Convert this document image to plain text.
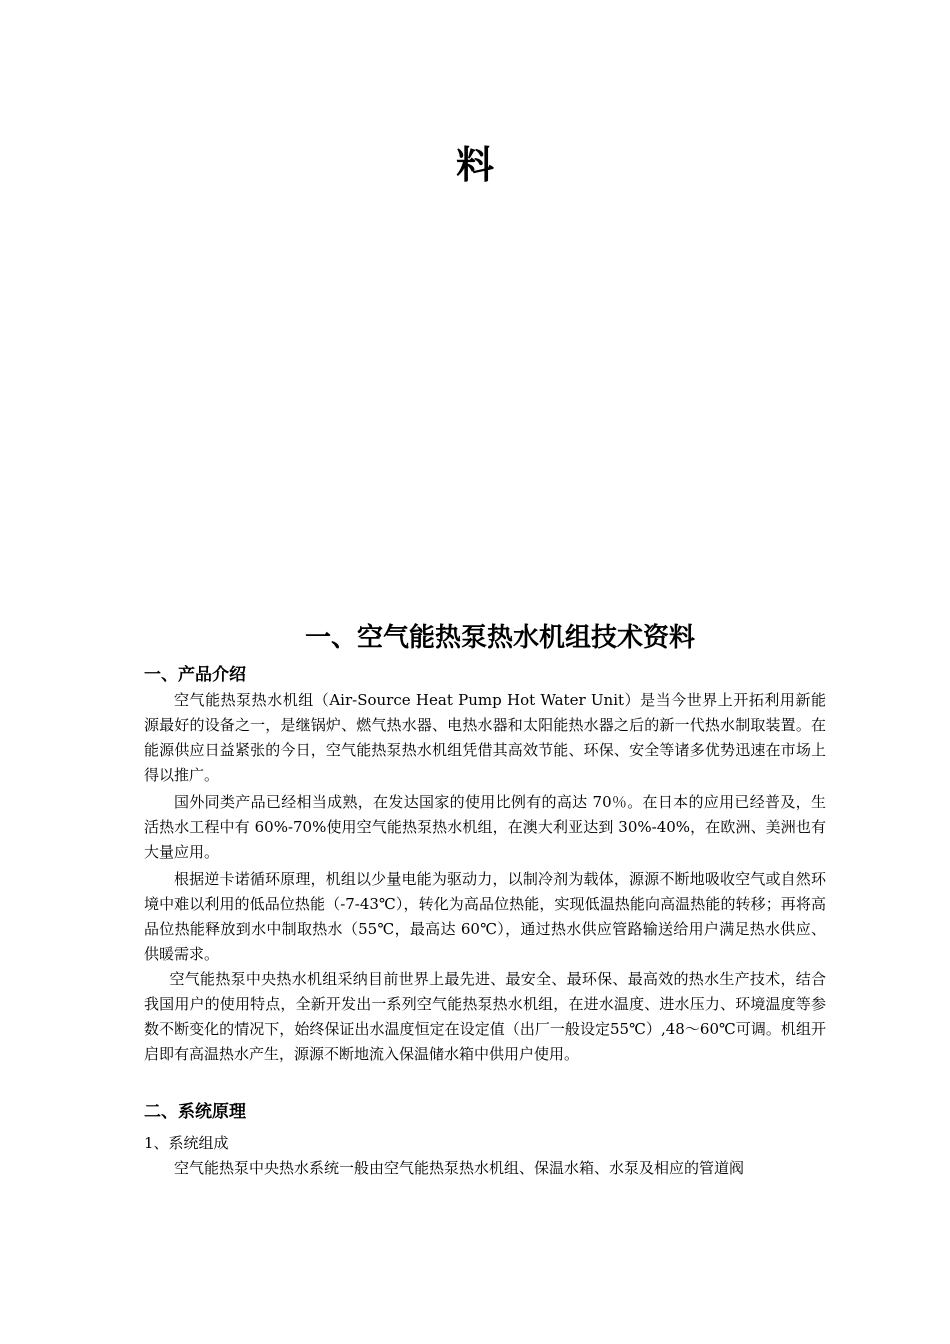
料
一、空气能热泵热水机组技术资料
一、产品介绍

空气能热泵热水机组（Air-Source Heat Pump Hot Water Unit）是当今世界上开拓利用新能源最好的设备之一，是继锅炉、燃气热水器、电热水器和太阳能热水器之后的新一代热水制取装置。在能源供应日益紧张的今日，空气能热泵热水机组凭借其高效节能、环保、安全等诸多优势迅速在市场上得以推广。

国外同类产品已经相当成熟，在发达国家的使用比例有的高达 70％。在日本的应用已经普及，生活热水工程中有 60%-70%使用空气能热泵热水机组，在澳大利亚达到 30%-40%，在欧洲、美洲也有大量应用。

根据逆卡诺循环原理，机组以少量电能为驱动力，以制冷剂为载体，源源不断地吸收空气或自然环境中难以利用的低品位热能（-7-43℃），转化为高品位热能，实现低温热能向高温热能的转移；再将高品位热能释放到水中制取热水（55℃，最高达 60℃），通过热水供应管路输送给用户满足热水供应、供暖需求。

空气能热泵中央热水机组采纳目前世界上最先进、最安全、最环保、最高效的热水生产技术，结合我国用户的使用特点，全新开发出一系列空气能热泵热水机组，在进水温度、进水压力、环境温度等参数不断变化的情况下，始终保证出水温度恒定在设定值（出厂一般设定55℃）,48～60℃可调。机组开启即有高温热水产生，源源不断地流入保温储水箱中供用户使用。

二、系统原理

1、系统组成

空气能热泵中央热水系统一般由空气能热泵热水机组、保温水箱、水泵及相应的管道阀
